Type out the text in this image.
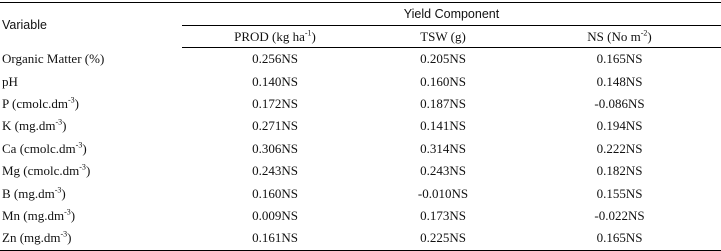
Variable	Yield Component		
	PROD (kg $ha^{-1}$)	TSW (g)	NS (No $m^{-2}$)
Organic Matter (%)	0.256NS	0.205NS	0.165NS
pH	0.140NS	0.160NS	0.148NS
P $(cmolc.dm^{-3})$	0.172NS	0.187NS	-0.086NS
K $(mg.dm^{-3})$	0.271NS	0.141NS	0.194NS
Ca $(cmolc.dm^{-3})$	0.306NS	0.314NS	0.222NS
Mg $(cmolc.dm^{-3})$	0.243NS	0.243NS	0.182NS
B $(mg.dm^{-3})$	0.160NS	-0.010NS	0.155NS
Mn $(mg.dm^{-3})$	0.009NS	0.173NS	-0.022NS
Zn $(mg.dm^{-3})$	0.161NS	0.225NS	0.165NS
